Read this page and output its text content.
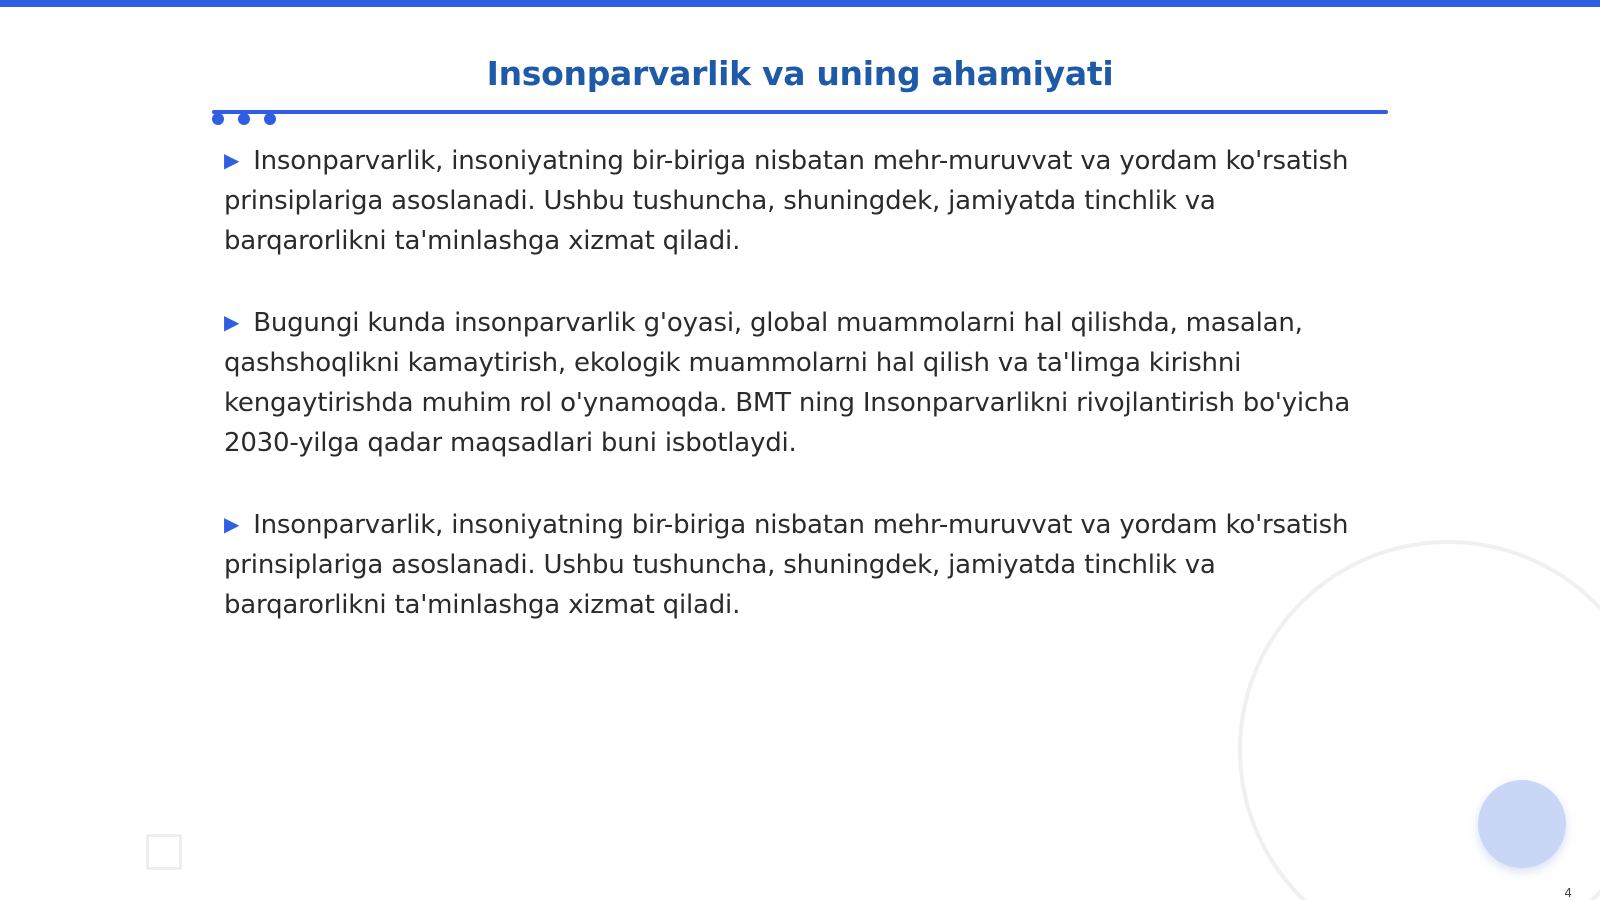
Insonparvarlik va uning ahamiyati

▶ Insonparvarlik, insoniyatning bir-biriga nisbatan mehr-muruvvat va yordam ko'rsatish prinsiplariga asoslanadi. Ushbu tushuncha, shuningdek, jamiyatda tinchlik va barqarorlikni ta'minlashga xizmat qiladi.

▶ Bugungi kunda insonparvarlik g'oyasi, global muammolarni hal qilishda, masalan, qashshoqlikni kamaytirish, ekologik muammolarni hal qilish va ta'limga kirishni kengaytirishda muhim rol o'ynamoqda. BMT ning Insonparvarlikni rivojlantirish bo'yicha 2030-yilga qadar maqsadlari buni isbotlaydi.

▶ Insonparvarlik, insoniyatning bir-biriga nisbatan mehr-muruvvat va yordam ko'rsatish prinsiplariga asoslanadi. Ushbu tushuncha, shuningdek, jamiyatda tinchlik va barqarorlikni ta'minlashga xizmat qiladi.

4
